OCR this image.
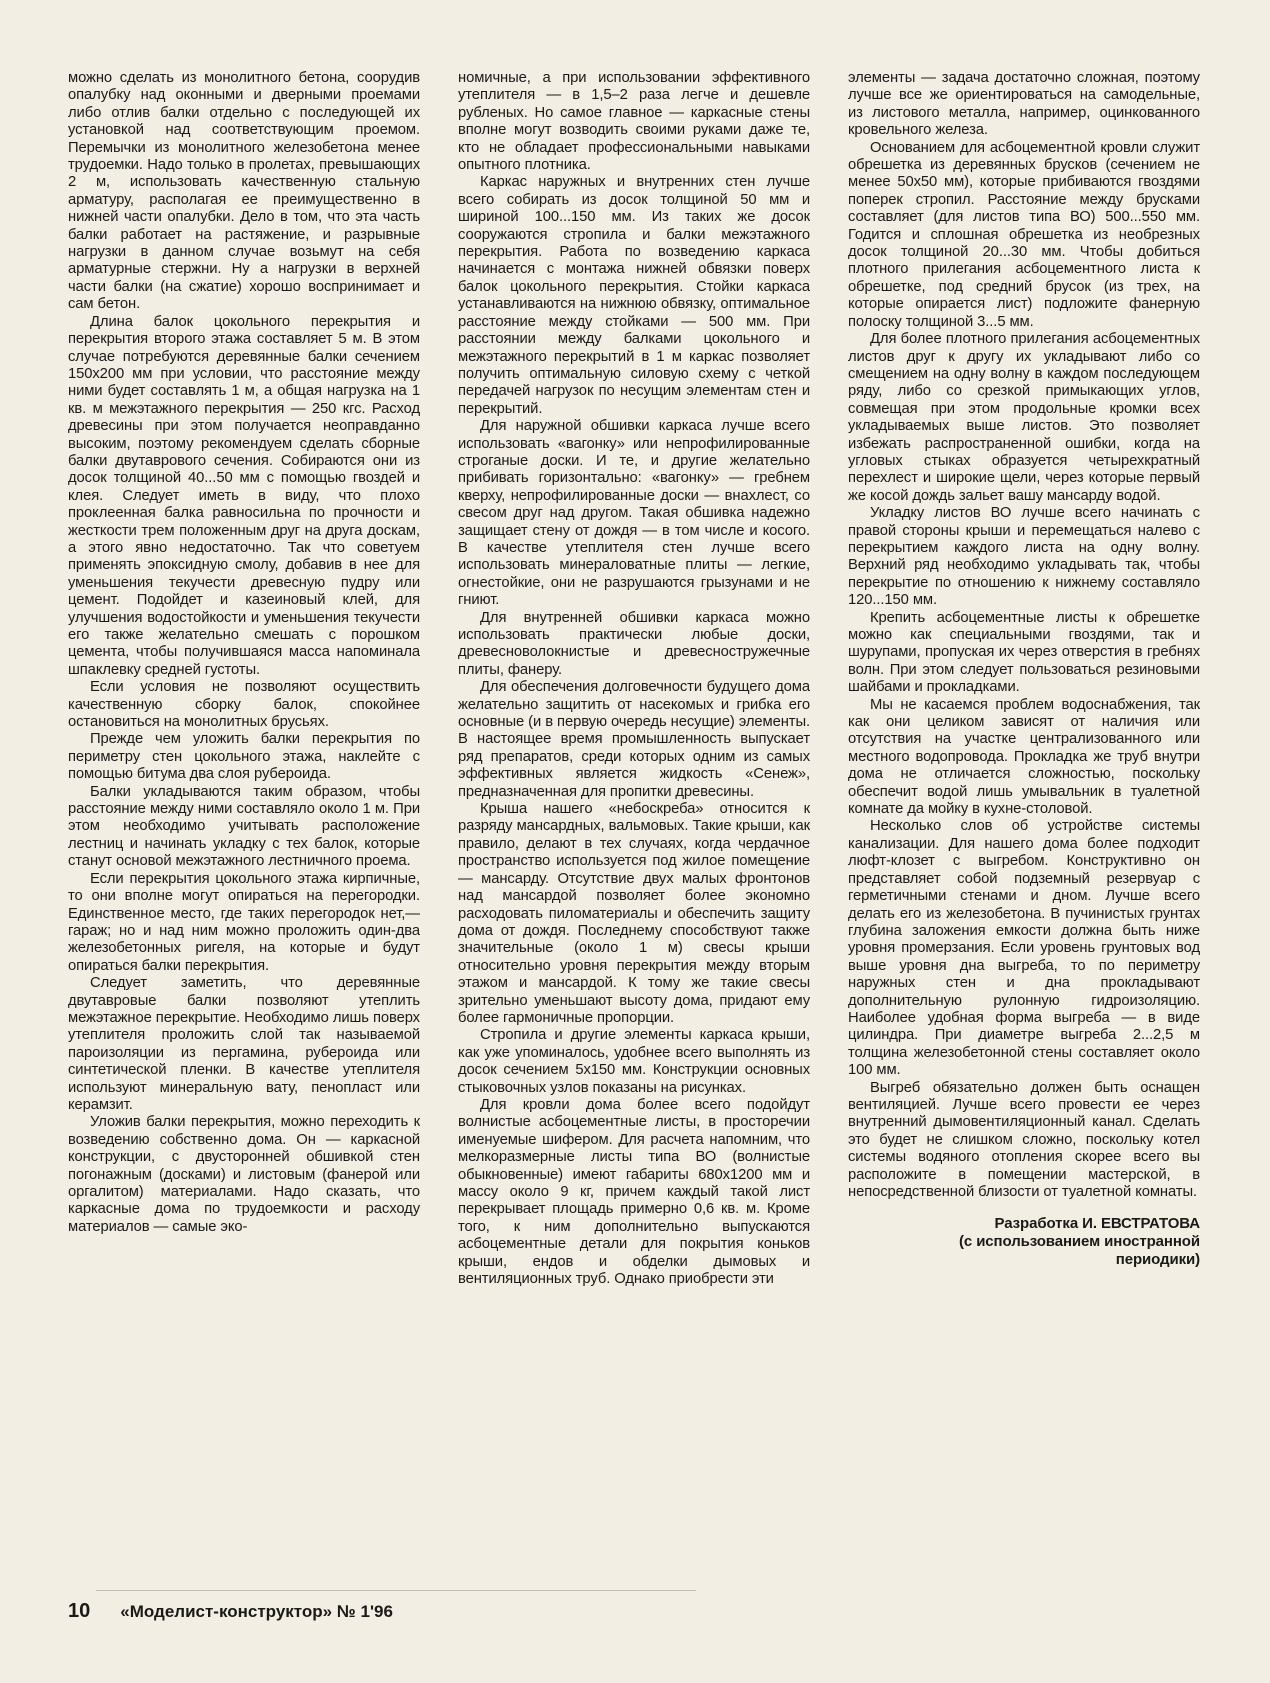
можно сделать из монолитного бетона, соорудив опалубку над оконными и дверными проемами либо отлив балки отдельно с последующей их установкой над соответствующим проемом. Перемычки из монолитного железобетона менее трудоемки. Надо только в пролетах, превышающих 2 м, использовать качественную стальную арматуру, располагая ее преимущественно в нижней части опалубки. Дело в том, что эта часть балки работает на растяжение, и разрывные нагрузки в данном случае возьмут на себя арматурные стержни. Ну а нагрузки в верхней части балки (на сжатие) хорошо воспринимает и сам бетон.

Длина балок цокольного перекрытия и перекрытия второго этажа составляет 5 м. В этом случае потребуются деревянные балки сечением 150x200 мм при условии, что расстояние между ними будет составлять 1 м, а общая нагрузка на 1 кв. м межэтажного перекрытия — 250 кгс. Расход древесины при этом получается неоправданно высоким, поэтому рекомендуем сделать сборные балки двутаврового сечения. Собираются они из досок толщиной 40...50 мм с помощью гвоздей и клея. Следует иметь в виду, что плохо проклеенная балка равносильна по прочности и жесткости трем положенным друг на друга доскам, а этого явно недостаточно. Так что советуем применять эпоксидную смолу, добавив в нее для уменьшения текучести древесную пудру или цемент. Подойдет и казеиновый клей, для улучшения водостойкости и уменьшения текучести его также желательно смешать с порошком цемента, чтобы получившаяся масса напоминала шпаклевку средней густоты.

Если условия не позволяют осуществить качественную сборку балок, спокойнее остановиться на монолитных брусьях.

Прежде чем уложить балки перекрытия по периметру стен цокольного этажа, наклейте с помощью битума два слоя рубероида.

Балки укладываются таким образом, чтобы расстояние между ними составляло около 1 м. При этом необходимо учитывать расположение лестниц и начинать укладку с тех балок, которые станут основой межэтажного лестничного проема.

Если перекрытия цокольного этажа кирпичные, то они вполне могут опираться на перегородки. Единственное место, где таких перегородок нет,— гараж; но и над ним можно проложить один-два железобетонных ригеля, на которые и будут опираться балки перекрытия.

Следует заметить, что деревянные двутавровые балки позволяют утеплить межэтажное перекрытие. Необходимо лишь поверх утеплителя проложить слой так называемой пароизоляции из пергамина, рубероида или синтетической пленки. В качестве утеплителя используют минеральную вату, пенопласт или керамзит.

Уложив балки перекрытия, можно переходить к возведению собственно дома. Он — каркасной конструкции, с двусторонней обшивкой стен погонажным (досками) и листовым (фанерой или оргалитом) материалами. Надо сказать, что каркасные дома по трудоемкости и расходу материалов — самые эко-

номичные, а при использовании эффективного утеплителя — в 1,5–2 раза легче и дешевле рубленых. Но самое главное — каркасные стены вполне могут возводить своими руками даже те, кто не обладает профессиональными навыками опытного плотника.

Каркас наружных и внутренних стен лучше всего собирать из досок толщиной 50 мм и шириной 100...150 мм. Из таких же досок сооружаются стропила и балки межэтажного перекрытия. Работа по возведению каркаса начинается с монтажа нижней обвязки поверх балок цокольного перекрытия. Стойки каркаса устанавливаются на нижнюю обвязку, оптимальное расстояние между стойками — 500 мм. При расстоянии между балками цокольного и межэтажного перекрытий в 1 м каркас позволяет получить оптимальную силовую схему с четкой передачей нагрузок по несущим элементам стен и перекрытий.

Для наружной обшивки каркаса лучше всего использовать «вагонку» или непрофилированные строганые доски. И те, и другие желательно прибивать горизонтально: «вагонку» — гребнем кверху, непрофилированные доски — внахлест, со свесом друг над другом. Такая обшивка надежно защищает стену от дождя — в том числе и косого. В качестве утеплителя стен лучше всего использовать минераловатные плиты — легкие, огнестойкие, они не разрушаются грызунами и не гниют.

Для внутренней обшивки каркаса можно использовать практически любые доски, древесноволокнистые и древесностружечные плиты, фанеру.

Для обеспечения долговечности будущего дома желательно защитить от насекомых и грибка его основные (и в первую очередь несущие) элементы. В настоящее время промышленность выпускает ряд препаратов, среди которых одним из самых эффективных является жидкость «Сенеж», предназначенная для пропитки древесины.

Крыша нашего «небоскреба» относится к разряду мансардных, вальмовых. Такие крыши, как правило, делают в тех случаях, когда чердачное пространство используется под жилое помещение — мансарду. Отсутствие двух малых фронтонов над мансардой позволяет более экономно расходовать пиломатериалы и обеспечить защиту дома от дождя. Последнему способствуют также значительные (около 1 м) свесы крыши относительно уровня перекрытия между вторым этажом и мансардой. К тому же такие свесы зрительно уменьшают высоту дома, придают ему более гармоничные пропорции.

Стропила и другие элементы каркаса крыши, как уже упоминалось, удобнее всего выполнять из досок сечением 5x150 мм. Конструкции основных стыковочных узлов показаны на рисунках.

Для кровли дома более всего подойдут волнистые асбоцементные листы, в просторечии именуемые шифером. Для расчета напомним, что мелкоразмерные листы типа ВО (волнистые обыкновенные) имеют габариты 680x1200 мм и массу около 9 кг, причем каждый такой лист перекрывает площадь примерно 0,6 кв. м. Кроме того, к ним дополнительно выпускаются асбоцементные детали для покрытия коньков крыши, ендов и обделки дымовых и вентиляционных труб. Однако приобрести эти

элементы — задача достаточно сложная, поэтому лучше все же ориентироваться на самодельные, из листового металла, например, оцинкованного кровельного железа.

Основанием для асбоцементной кровли служит обрешетка из деревянных брусков (сечением не менее 50x50 мм), которые прибиваются гвоздями поперек стропил. Расстояние между брусками составляет (для листов типа ВО) 500...550 мм. Годится и сплошная обрешетка из необрезных досок толщиной 20...30 мм. Чтобы добиться плотного прилегания асбоцементного листа к обрешетке, под средний брусок (из трех, на которые опирается лист) подложите фанерную полоску толщиной 3...5 мм.

Для более плотного прилегания асбоцементных листов друг к другу их укладывают либо со смещением на одну волну в каждом последующем ряду, либо со срезкой примыкающих углов, совмещая при этом продольные кромки всех укладываемых выше листов. Это позволяет избежать распространенной ошибки, когда на угловых стыках образуется четырехкратный перехлест и широкие щели, через которые первый же косой дождь зальет вашу мансарду водой.

Укладку листов ВО лучше всего начинать с правой стороны крыши и перемещаться налево с перекрытием каждого листа на одну волну. Верхний ряд необходимо укладывать так, чтобы перекрытие по отношению к нижнему составляло 120...150 мм.

Крепить асбоцементные листы к обрешетке можно как специальными гвоздями, так и шурупами, пропуская их через отверстия в гребнях волн. При этом следует пользоваться резиновыми шайбами и прокладками.

Мы не касаемся проблем водоснабжения, так как они целиком зависят от наличия или отсутствия на участке централизованного или местного водопровода. Прокладка же труб внутри дома не отличается сложностью, поскольку обеспечит водой лишь умывальник в туалетной комнате да мойку в кухне-столовой.

Несколько слов об устройстве системы канализации. Для нашего дома более подходит люфт-клозет с выгребом. Конструктивно он представляет собой подземный резервуар с герметичными стенами и дном. Лучше всего делать его из железобетона. В пучинистых грунтах глубина заложения емкости должна быть ниже уровня промерзания. Если уровень грунтовых вод выше уровня дна выгреба, то по периметру наружных стен и дна прокладывают дополнительную рулонную гидроизоляцию. Наиболее удобная форма выгреба — в виде цилиндра. При диаметре выгреба 2...2,5 м толщина железобетонной стены составляет около 100 мм.

Выгреб обязательно должен быть оснащен вентиляцией. Лучше всего провести ее через внутренний дымовентиляционный канал. Сделать это будет не слишком сложно, поскольку котел системы водяного отопления скорее всего вы расположите в помещении мастерской, в непосредственной близости от туалетной комнаты.

Разработка И. ЕВСТРАТОВА
(с использованием иностранной
периодики)
10 «Моделист-конструктор» № 1'96
